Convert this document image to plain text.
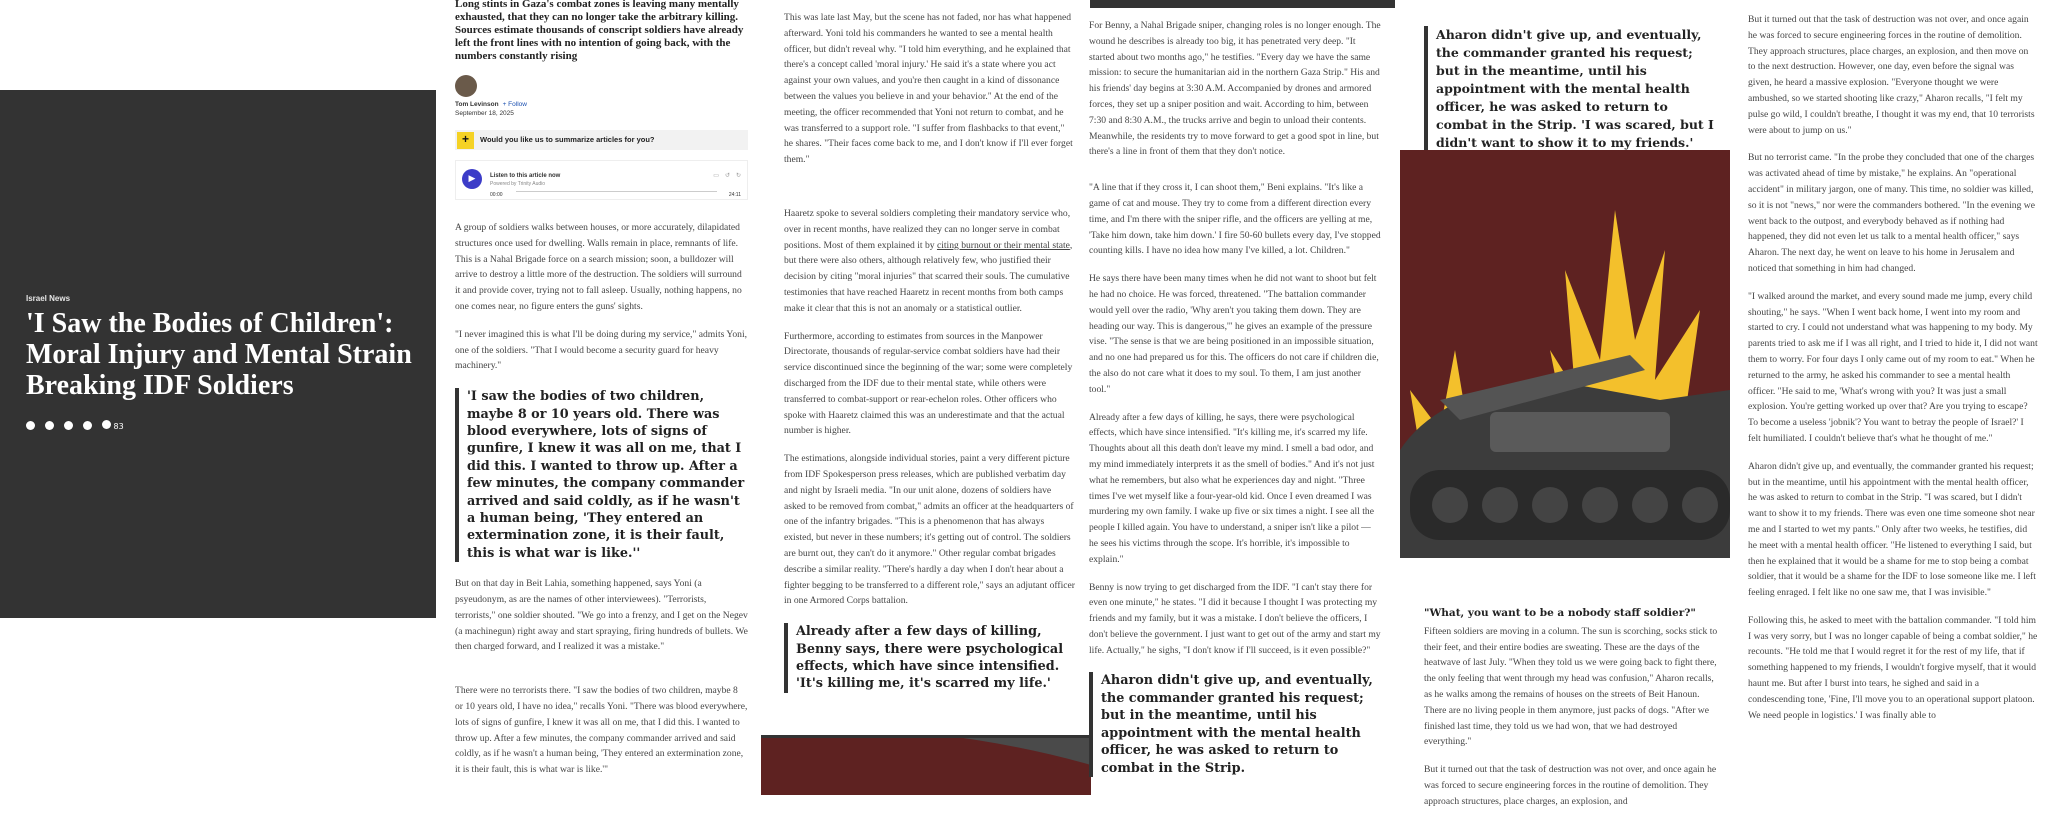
Israel News
'I Saw the Bodies of Children': Moral Injury and Mental Strain Breaking IDF Soldiers
83

Long stints in Gaza's combat zones is leaving many mentally exhausted, that they can no longer take the arbitrary killing. Sources estimate thousands of conscript soldiers have already left the front lines with no intention of going back, with the numbers constantly rising

Tom Levinson + Follow
September 18, 2025
+	Would you like us to summarize articles for you?
▶	Listen to this article now
Powered by Trinity Audio
▭ ↺ ↻
00:00	24:11

A group of soldiers walks between houses, or more accurately, dilapidated structures once used for dwelling. Walls remain in place, remnants of life. This is a Nahal Brigade force on a search mission; soon, a bulldozer will arrive to destroy a little more of the destruction. The soldiers will surround it and provide cover, trying not to fall asleep. Usually, nothing happens, no one comes near, no figure enters the guns' sights.

"I never imagined this is what I'll be doing during my service," admits Yoni, one of the soldiers. "That I would become a security guard for heavy machinery."

'I saw the bodies of two children, maybe 8 or 10 years old. There was blood everywhere, lots of signs of gunfire, I knew it was all on me, that I did this. I wanted to throw up. After a few minutes, the company commander arrived and said coldly, as if he wasn't a human being, 'They entered an extermination zone, it is their fault, this is what war is like.''

But on that day in Beit Lahia, something happened, says Yoni (a psyeudonym, as are the names of other interviewees). "Terrorists, terrorists," one soldier shouted. "We go into a frenzy, and I get on the Negev (a machinegun) right away and start spraying, firing hundreds of bullets. We then charged forward, and I realized it was a mistake."

There were no terrorists there. "I saw the bodies of two children, maybe 8 or 10 years old, I have no idea," recalls Yoni. "There was blood everywhere, lots of signs of gunfire, I knew it was all on me, that I did this. I wanted to throw up. After a few minutes, the company commander arrived and said coldly, as if he wasn't a human being, 'They entered an extermination zone, it is their fault, this is what war is like.'"

This was late last May, but the scene has not faded, nor has what happened afterward. Yoni told his commanders he wanted to see a mental health officer, but didn't reveal why. "I told him everything, and he explained that there's a concept called 'moral injury.' He said it's a state where you act against your own values, and you're then caught in a kind of dissonance between the values you believe in and your behavior." At the end of the meeting, the officer recommended that Yoni not return to combat, and he was transferred to a support role. "I suffer from flashbacks to that event," he shares. "Their faces come back to me, and I don't know if I'll ever forget them."

Haaretz spoke to several soldiers completing their mandatory service who, over in recent months, have realized they can no longer serve in combat positions. Most of them explained it by citing burnout or their mental state, but there were also others, although relatively few, who justified their decision by citing "moral injuries" that scarred their souls. The cumulative testimonies that have reached Haaretz in recent months from both camps make it clear that this is not an anomaly or a statistical outlier.

Furthermore, according to estimates from sources in the Manpower Directorate, thousands of regular-service combat soldiers have had their service discontinued since the beginning of the war; some were completely discharged from the IDF due to their mental state, while others were transferred to combat-support or rear-echelon roles. Other officers who spoke with Haaretz claimed this was an underestimate and that the actual number is higher.

The estimations, alongside individual stories, paint a very different picture from IDF Spokesperson press releases, which are published verbatim day and night by Israeli media. "In our unit alone, dozens of soldiers have asked to be removed from combat," admits an officer at the headquarters of one of the infantry brigades. "This is a phenomenon that has always existed, but never in these numbers; it's getting out of control. The soldiers are burnt out, they can't do it anymore." Other regular combat brigades describe a similar reality. "There's hardly a day when I don't hear about a fighter begging to be transferred to a different role," says an adjutant officer in one Armored Corps battalion.

Already after a few days of killing, Benny says, there were psychological effects, which have since intensified. 'It's killing me, it's scarred my life.'

For Benny, a Nahal Brigade sniper, changing roles is no longer enough. The wound he describes is already too big, it has penetrated very deep. "It started about two months ago," he testifies. "Every day we have the same mission: to secure the humanitarian aid in the northern Gaza Strip." His and his friends' day begins at 3:30 A.M. Accompanied by drones and armored forces, they set up a sniper position and wait. According to him, between 7:30 and 8:30 A.M., the trucks arrive and begin to unload their contents. Meanwhile, the residents try to move forward to get a good spot in line, but there's a line in front of them that they don't notice.

"A line that if they cross it, I can shoot them," Beni explains. "It's like a game of cat and mouse. They try to come from a different direction every time, and I'm there with the sniper rifle, and the officers are yelling at me, 'Take him down, take him down.' I fire 50-60 bullets every day, I've stopped counting kills. I have no idea how many I've killed, a lot. Children."

He says there have been many times when he did not want to shoot but felt he had no choice. He was forced, threatened. "The battalion commander would yell over the radio, 'Why aren't you taking them down. They are heading our way. This is dangerous,'" he gives an example of the pressure vise. "The sense is that we are being positioned in an impossible situation, and no one had prepared us for this. The officers do not care if children die, the also do not care what it does to my soul. To them, I am just another tool."

Already after a few days of killing, he says, there were psychological effects, which have since intensified. "It's killing me, it's scarred my life. Thoughts about all this death don't leave my mind. I smell a bad odor, and my mind immediately interprets it as the smell of bodies." And it's not just what he remembers, but also what he experiences day and night. "Three times I've wet myself like a four-year-old kid. Once I even dreamed I was murdering my own family. I wake up five or six times a night. I see all the people I killed again. You have to understand, a sniper isn't like a pilot — he sees his victims through the scope. It's horrible, it's impossible to explain."

Benny is now trying to get discharged from the IDF. "I can't stay there for even one minute," he states. "I did it because I thought I was protecting my friends and my family, but it was a mistake. I don't believe the officers, I don't believe the government. I just want to get out of the army and start my life. Actually," he sighs, "I don't know if I'll succeed, is it even possible?"

Aharon didn't give up, and eventually, the commander granted his request; but in the meantime, until his appointment with the mental health officer, he was asked to return to combat in the Strip.
Aharon didn't give up, and eventually, the commander granted his request; but in the meantime, until his appointment with the mental health officer, he was asked to return to combat in the Strip. 'I was scared, but I didn't want to show it to my friends.'
"What, you want to be a nobody staff soldier?"

Fifteen soldiers are moving in a column. The sun is scorching, socks stick to their feet, and their entire bodies are sweating. These are the days of the heatwave of last July. "When they told us we were going back to fight there, the only feeling that went through my head was confusion," Aharon recalls, as he walks among the remains of houses on the streets of Beit Hanoun. There are no living people in them anymore, just packs of dogs. "After we finished last time, they told us we had won, that we had destroyed everything."

But it turned out that the task of destruction was not over, and once again he was forced to secure engineering forces in the routine of demolition. They approach structures, place charges, an explosion, and

But it turned out that the task of destruction was not over, and once again he was forced to secure engineering forces in the routine of demolition. They approach structures, place charges, an explosion, and then move on to the next destruction. However, one day, even before the signal was given, he heard a massive explosion. "Everyone thought we were ambushed, so we started shooting like crazy," Aharon recalls, "I felt my pulse go wild, I couldn't breathe, I thought it was my end, that 10 terrorists were about to jump on us."

But no terrorist came. "In the probe they concluded that one of the charges was activated ahead of time by mistake," he explains. An "operational accident" in military jargon, one of many. This time, no soldier was killed, so it is not "news," nor were the commanders bothered. "In the evening we went back to the outpost, and everybody behaved as if nothing had happened, they did not even let us talk to a mental health officer," says Aharon. The next day, he went on leave to his home in Jerusalem and noticed that something in him had changed.

"I walked around the market, and every sound made me jump, every child shouting," he says. "When I went back home, I went into my room and started to cry. I could not understand what was happening to my body. My parents tried to ask me if I was all right, and I tried to hide it, I did not want them to worry. For four days I only came out of my room to eat." When he returned to the army, he asked his commander to see a mental health officer. "He said to me, 'What's wrong with you? It was just a small explosion. You're getting worked up over that? Are you trying to escape? To become a useless 'jobnik'? You want to betray the people of Israel?' I felt humiliated. I couldn't believe that's what he thought of me."

Aharon didn't give up, and eventually, the commander granted his request; but in the meantime, until his appointment with the mental health officer, he was asked to return to combat in the Strip. "I was scared, but I didn't want to show it to my friends. There was even one time someone shot near me and I started to wet my pants." Only after two weeks, he testifies, did he meet with a mental health officer. "He listened to everything I said, but then he explained that it would be a shame for me to stop being a combat soldier, that it would be a shame for the IDF to lose someone like me. I left feeling enraged. I felt like no one saw me, that I was invisible."

Following this, he asked to meet with the battalion commander. "I told him I was very sorry, but I was no longer capable of being a combat soldier," he recounts. "He told me that I would regret it for the rest of my life, that if something happened to my friends, I wouldn't forgive myself, that it would haunt me. But after I burst into tears, he sighed and said in a condescending tone, 'Fine, I'll move you to an operational support platoon. We need people in logistics.' I was finally able to
